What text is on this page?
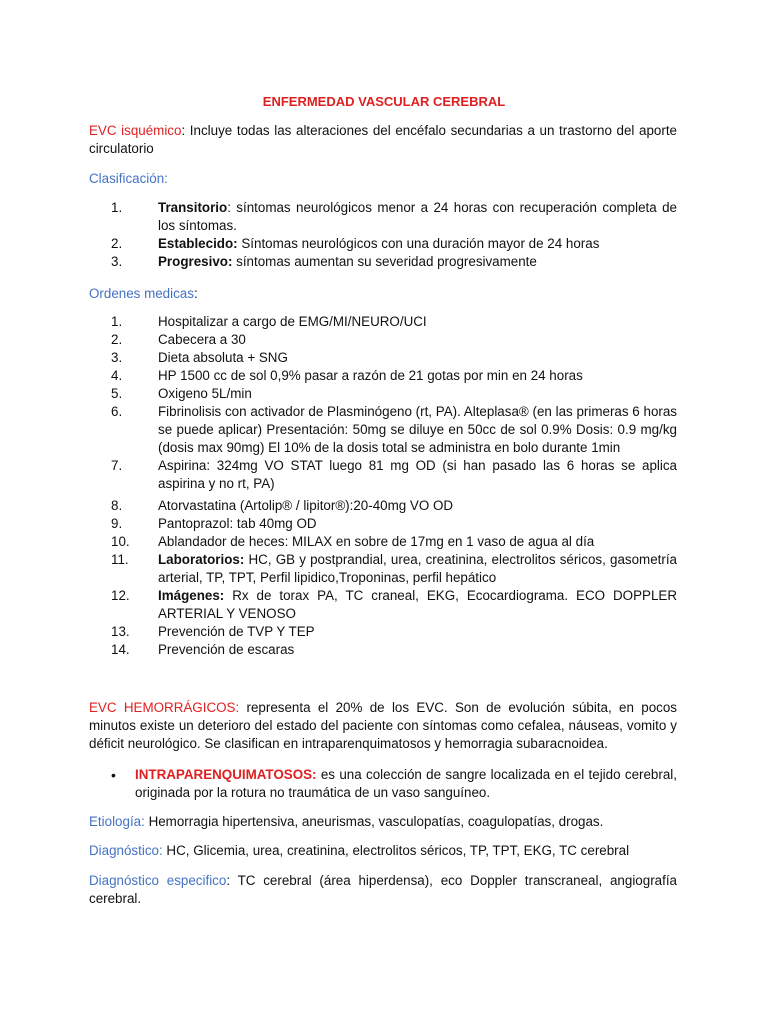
ENFERMEDAD VASCULAR CEREBRAL

EVC isquémico: Incluye todas las alteraciones del encéfalo secundarias a un trastorno del aporte circulatorio

Clasificación:

1.	Transitorio: síntomas neurológicos menor a 24 horas con recuperación completa de los síntomas.
2.	Establecido: Síntomas neurológicos con una duración mayor de 24 horas
3.	Progresivo: síntomas aumentan su severidad progresivamente

Ordenes medicas:

1.	Hospitalizar a cargo de EMG/MI/NEURO/UCI
2.	Cabecera a 30
3.	Dieta absoluta + SNG
4.	HP 1500 cc de sol 0,9% pasar a razón de 21 gotas por min en 24 horas
5.	Oxigeno 5L/min
6.	Fibrinolisis con activador de Plasminógeno (rt, PA). Alteplasa® (en las primeras 6 horas se puede aplicar) Presentación: 50mg se diluye en 50cc de sol 0.9% Dosis: 0.9 mg/kg (dosis max 90mg) El 10% de la dosis total se administra en bolo durante 1min
7.	Aspirina: 324mg VO STAT luego 81 mg OD (si han pasado las 6 horas se aplica aspirina y no rt, PA)
8.	Atorvastatina (Artolip® / lipitor®):20-40mg VO OD
9.	Pantoprazol: tab 40mg OD
10. Ablandador de heces: MILAX en sobre de 17mg en 1 vaso de agua al día
11. Laboratorios: HC, GB y postprandial, urea, creatinina, electrolitos séricos, gasometría arterial, TP, TPT, Perfil lipidico,Troponinas, perfil hepático
12. Imágenes: Rx de torax PA, TC craneal, EKG, Ecocardiograma. ECO DOPPLER ARTERIAL Y VENOSO
13. Prevención de TVP Y TEP
14. Prevención de escaras

EVC HEMORRÁGICOS: representa el 20% de los EVC. Son de evolución súbita, en pocos minutos existe un deterioro del estado del paciente con síntomas como cefalea, náuseas, vomito y déficit neurológico. Se clasifican en intraparenquimatosos y hemorragia subaracnoidea.

•	INTRAPARENQUIMATOSOS: es una colección de sangre localizada en el tejido cerebral, originada por la rotura no traumática de un vaso sanguíneo.

Etiología: Hemorragia hipertensiva, aneurismas, vasculopatías, coagulopatías, drogas.

Diagnóstico: HC, Glicemia, urea, creatinina, electrolitos séricos, TP, TPT, EKG, TC cerebral

Diagnóstico especifico: TC cerebral (área hiperdensa), eco Doppler transcraneal, angiografía cerebral.
